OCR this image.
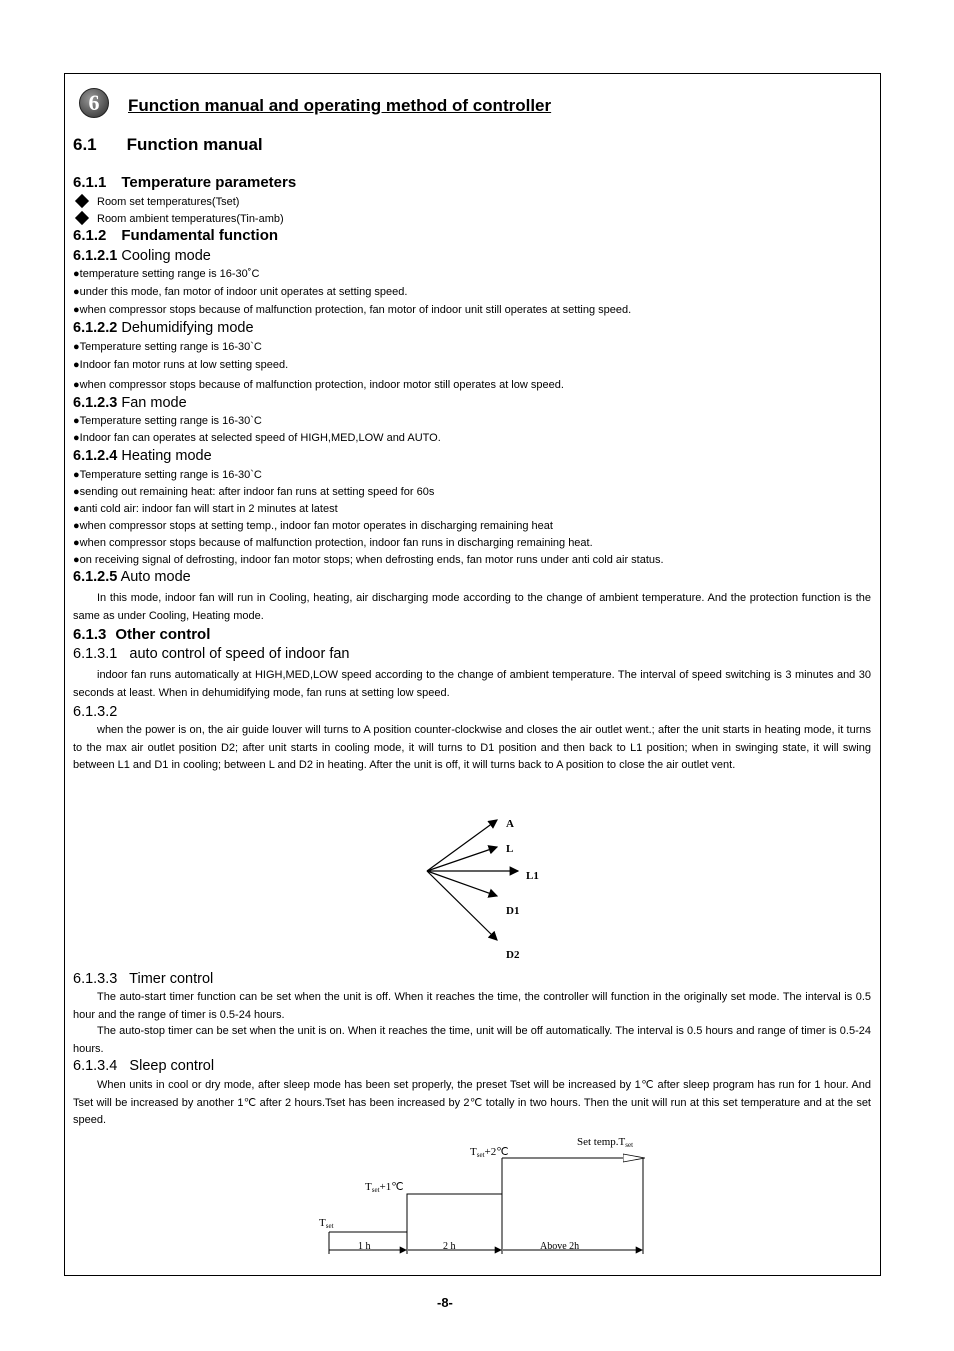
6	Function manual and operating method of controller
6.1 Function manual
6.1.1 Temperature parameters
Room set temperatures(Tset)
Room ambient temperatures(Tin-amb)
6.1.2 Fundamental function
6.1.2.1 Cooling mode
●temperature setting range is 16-30˚C
●under this mode, fan motor of indoor unit operates at setting speed.
●when compressor stops because of malfunction protection, fan motor of indoor unit still operates at setting speed.
6.1.2.2 Dehumidifying mode
●Temperature setting range is 16-30`C
●Indoor fan motor runs at low setting speed.
●when compressor stops because of malfunction protection, indoor motor still operates at low speed.
6.1.2.3 Fan mode
●Temperature setting range is 16-30`C
●Indoor fan can operates at selected speed of HIGH,MED,LOW and AUTO.
6.1.2.4 Heating mode
●Temperature setting range is 16-30`C
●sending out remaining heat: after indoor fan runs at setting speed for 60s
●anti cold air: indoor fan will start in 2 minutes at latest
●when compressor stops at setting temp., indoor fan motor operates in discharging remaining heat
●when compressor stops because of malfunction protection, indoor fan runs in discharging remaining heat.
●on receiving signal of defrosting, indoor fan motor stops; when defrosting ends, fan motor runs under anti cold air status.
6.1.2.5 Auto mode
In this mode, indoor fan will run in Cooling, heating, air discharging mode according to the change of ambient temperature. And the protection function is the same as under Cooling, Heating mode.
6.1.3 Other control
6.1.3.1   auto control of speed of indoor fan
indoor fan runs automatically at HIGH,MED,LOW speed according to the change of ambient temperature. The interval of speed switching is 3 minutes and 30 seconds at least. When in dehumidifying mode, fan runs at setting low speed.
6.1.3.2
when the power is on, the air guide louver will turns to A position counter-clockwise and closes the air outlet went.; after the unit starts in heating mode, it turns to the max air outlet position D2; after unit starts in cooling mode, it will turns to D1 position and then back to L1 position; when in swinging state, it will swing between L1 and D1 in cooling; between L and D2 in heating. After the unit is off, it will turns back to A position to close the air outlet vent.
A
L
L1
D1
D2
6.1.3.3   Timer control
The auto-start timer function can be set when the unit is off. When it reaches the time, the controller will function in the originally set mode. The interval is 0.5 hour and the range of timer is 0.5-24 hours.
The auto-stop timer can be set when the unit is on. When it reaches the time, unit will be off automatically. The interval is 0.5 hours and range of timer is 0.5-24 hours.
6.1.3.4   Sleep control
When units in cool or dry mode, after sleep mode has been set properly, the preset Tset will be increased by 1℃ after sleep program has run for 1 hour. And Tset will be increased by another 1℃ after 2 hours.Tset has been increased by 2℃ totally in two hours. Then the unit will run at this set temperature and at the set speed.
Tset
Tset+1℃
Tset+2℃
Set temp.Tset
1 h	2 h	Above 2h
-8-
